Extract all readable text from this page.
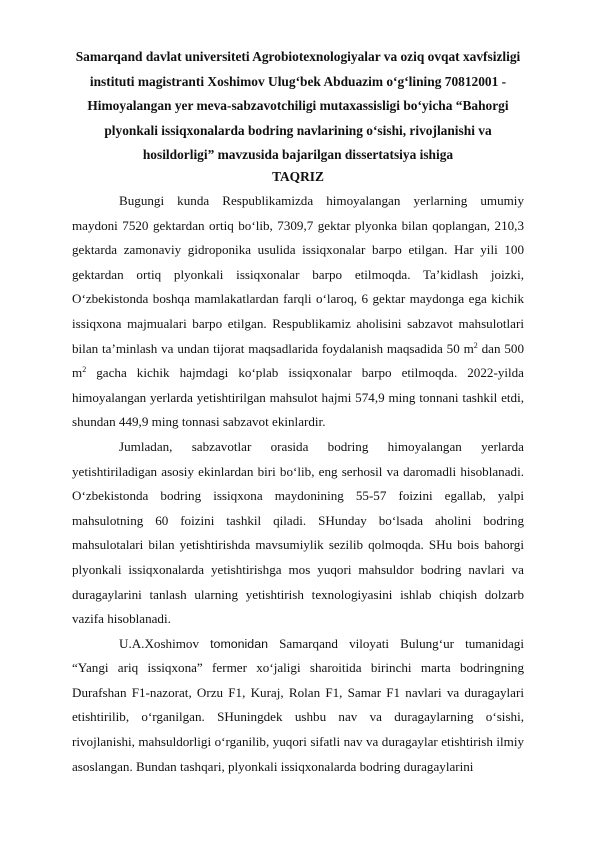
Samarqand davlat universiteti Agrobiotexnologiyalar va oziq ovqat xavfsizligi instituti magistranti Xoshimov Ulug‘bek Abduazim o‘g‘lining 70812001 - Himoyalangan yer meva-sabzavotchiligi mutaxassisligi bo‘yicha “Bahorgi plyonkali issiqxonalarda bodring navlarining o‘sishi, rivojlanishi va hosildorligi” mavzusida bajarilgan dissertatsiya ishiga

TAQRIZ

Bugungi kunda Respublikamizda himoyalangan yerlarning umumiy maydoni 7520 gektardan ortiq bo‘lib, 7309,7 gektar plyonka bilan qoplangan, 210,3 gektarda zamonaviy gidroponika usulida issiqxonalar barpo etilgan. Har yili 100 gektardan ortiq plyonkali issiqxonalar barpo etilmoqda. Ta’kidlash joizki, O‘zbekistonda boshqa mamlakatlardan farqli o‘laroq, 6 gektar maydonga ega kichik issiqxona majmualari barpo etilgan. Respublikamiz aholisini sabzavot mahsulotlari bilan ta’minlash va undan tijorat maqsadlarida foydalanish maqsadida 50 $m^2$ dan 500 $m^2$ gacha kichik hajmdagi ko‘plab issiqxonalar barpo etilmoqda. 2022-yilda himoyalangan yerlarda yetishtirilgan mahsulot hajmi 574,9 ming tonnani tashkil etdi, shundan 449,9 ming tonnasi sabzavot ekinlardir.

Jumladan, sabzavotlar orasida bodring himoyalangan yerlarda yetishtiriladigan asosiy ekinlardan biri bo‘lib, eng serhosil va daromadli hisoblanadi. O‘zbekistonda bodring issiqxona maydonining 55-57 foizini egallab, yalpi mahsulotning 60 foizini tashkil qiladi. SHunday bo‘lsada aholini bodring mahsulotalari bilan yetishtirishda mavsumiylik sezilib qolmoqda. SHu bois bahorgi plyonkali issiqxonalarda yetishtirishga mos yuqori mahsuldor bodring navlari va duragaylarini tanlash ularning yetishtirish texnologiyasini ishlab chiqish dolzarb vazifa hisoblanadi.

U.A.Xoshimov tomonidan Samarqand viloyati Bulung‘ur tumanidagi “Yangi ariq issiqxona” fermer xo‘jaligi sharoitida birinchi marta bodringning Durafshan F1-nazorat, Orzu F1, Kuraj, Rolan F1, Samar F1 navlari va duragaylari etishtirilib, o‘rganilgan. SHuningdek ushbu nav va duragaylarning o‘sishi, rivojlanishi, mahsuldorligi o‘rganilib, yuqori sifatli nav va duragaylar etishtirish ilmiy asoslangan. Bundan tashqari, plyonkali issiqxonalarda bodring duragaylarini
